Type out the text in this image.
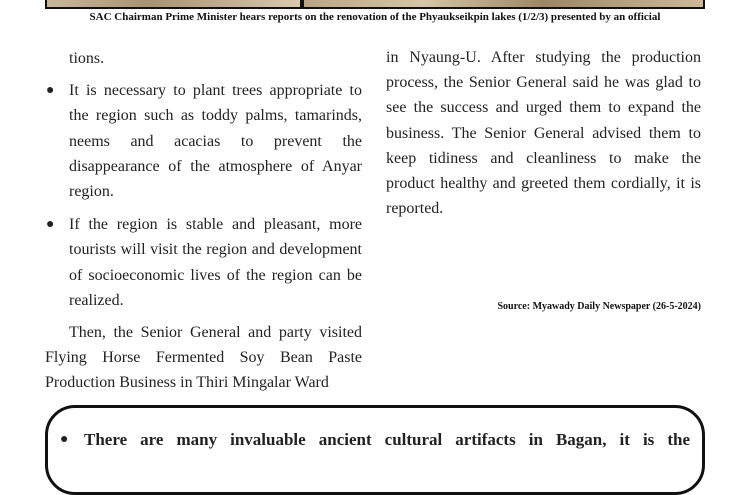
SAC Chairman Prime Minister hears reports on the renovation of the Phyaukseikpin lakes (1/2/3) presented by an official

tions.

● It is necessary to plant trees appropriate to the region such as toddy palms, tamarinds, neems and acacias to prevent the disappearance of the atmosphere of Anyar region.
● If the region is stable and pleasant, more tourists will visit the region and development of socioeconomic lives of the region can be realized.

Then, the Senior General and party visited Flying Horse Fermented Soy Bean Paste Production Business in Thiri Mingalar Ward

in Nyaung-U. After studying the production process, the Senior General said he was glad to see the success and urged them to expand the business. The Senior General advised them to keep tidiness and cleanliness to make the product healthy and greeted them cordially, it is reported.

Source: Myawady Daily Newspaper (26-5-2024)
● There are many invaluable ancient cultural artifacts in Bagan, it is the
